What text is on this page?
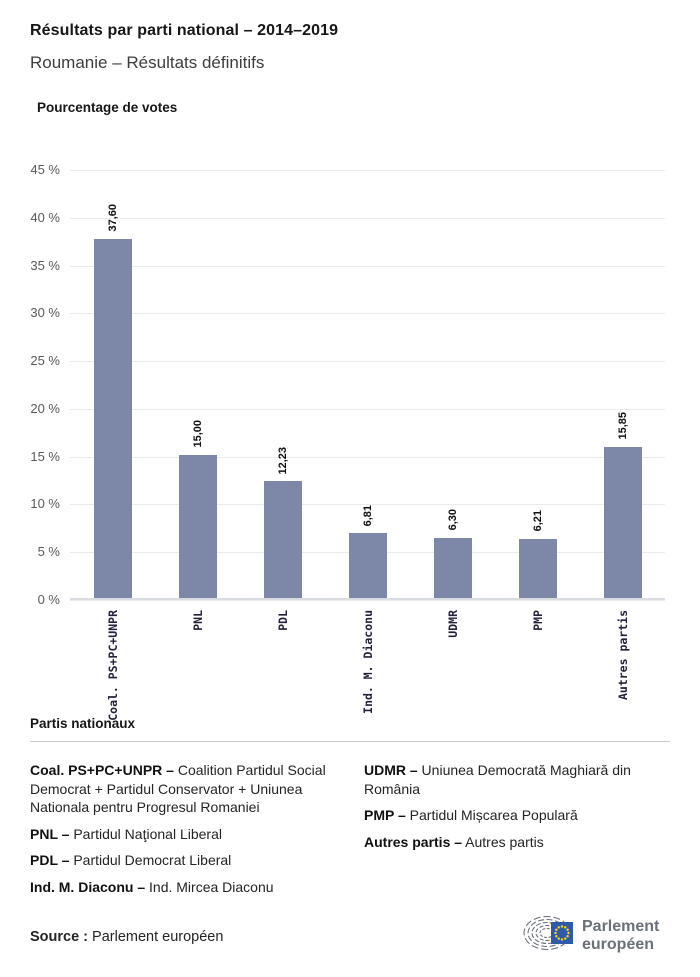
Résultats par parti national – 2014–2019
Roumanie – Résultats définitifs
Pourcentage de votes
45 %
40 %
35 %
30 %
25 %
20 %
15 %
10 %
5 %
0 %
37,60
Coal. PS+PC+UNPR
15,00
PNL
12,23
PDL
6,81
Ind. M. Diaconu
6,30
UDMR
6,21
PMP
15,85
Autres partis
Partis nationaux

Coal. PS+PC+UNPR – Coalition Partidul Social Democrat + Partidul Conservator + Uniunea Nationala pentru Progresul Romaniei

PNL – Partidul Naţional Liberal

PDL – Partidul Democrat Liberal

Ind. M. Diaconu – Ind. Mircea Diaconu

UDMR – Uniunea Democrată Maghiară din România

PMP – Partidul Mișcarea Populară

Autres partis – Autres partis

Source : Parlement européen

Parlement
européen
